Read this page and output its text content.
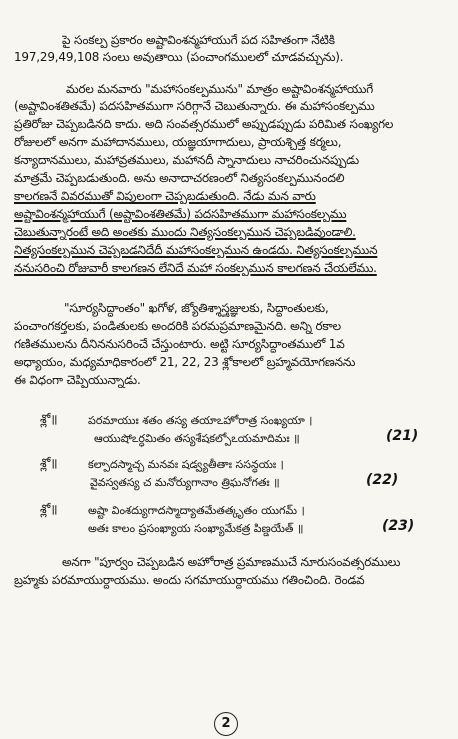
పై సంకల్ప ప్రకారం అష్టావింశన్మహాయుగే పద సహితంగా నేటికి
197,29,49,108 సంలు అవుతాయి (పంచాంగములలో చూడవచ్చును).
మరల మనవారు "మహాసంకల్పమును" మాత్రం అష్టావింశన్మహాయుగే
(అష్టావింశతితమే) పదసహితముగా సరిగ్గానే చెబుతున్నారు. ఈ మహాసంకల్పము
ప్రతిరోజు చెప్పబడినది కాదు. అది సంవత్సరములో అప్పుడప్పుడు పరిమిత సంఖ్యగల
రోజులలో అనగా మహాదానములు, యజ్ఞయాగాదులు, ప్రాయశ్చిత్త కర్మలు,
కన్యాదానములు, మహావ్రతములు, మహానదీ స్నానాదులు నాచరించునప్పుడు
మాత్రమే చెప్పబడుతుంది. అను అనాదాచరణంలో నిత్యసంకల్పమునందలి
కాలగణనే వివరముతో విపులంగా చెప్పబడుతుంది. నేడు మన వారు
అష్టావింశన్మహాయుగే (అష్టావింశతితమే) పదసహితముగా మహాసంకల్పము
చెబుతున్నారంటే అది అంతకు ముందు నిత్యసంకల్పమున చెప్పబడివుండాలి.
నిత్యసంకల్పమున చెప్పబడనిదేదీ మహాసంకల్పమున ఉండదు. నిత్యసంకల్పమున
ననుసరించి రోజువారీ కాలగణన లేనిదే మహా సంకల్పమున కాలగణన చేయలేము.
"సూర్యసిద్ధాంతం" ఖగోళ, జ్యోతిశ్శాస్త్రజ్ఞులకు, సిద్ధాంతులకు,
పంచాంగకర్తలకు, పండితులకు అందరికి పరమప్రమాణమైనది. అన్ని రకాల
గణితములను దీనిననుసరించే చేస్తుంటారు. అట్టి సూర్యసిద్ధాంతములో 1వ
అధ్యాయం, మధ్యమాధికారంలో 21, 22, 23 శ్లోకాలలో బ్రహ్మవయోగణనను
ఈ విధంగా చెప్పియున్నాడు.
శ్లో॥	పరమాయుః శతం తస్య తయాఽహోరాత్ర సంఖ్యయా ।
ఆయుషోఽర్ధమితం తస్యశేషకల్పోఽయమాదిమః ॥	(21)
శ్లో॥	కల్పాదస్మాచ్చ మనవః షడ్వ్యతీతాః ససన్ధయః ।
వైవస్వతస్య చ మనోర్యుగానాం త్రిఘనోగతః ॥	(22)
శ్లో॥	అష్టా వింశద్యుగాదస్మాద్యాతమేతత్కృతం యుగమ్ ।
అతః కాలం ప్రసంఖ్యాయ సంఖ్యామేకత్ర పిణ్డయేత్ ॥	(23)
అనగా "పూర్వం చెప్పబడిన అహోరాత్ర ప్రమాణముచే నూరుసంవత్సరములు
బ్రహ్మకు పరమాయుర్దాయము. అందు సగమాయుర్దాయము గతించింది. రెండవ
2
